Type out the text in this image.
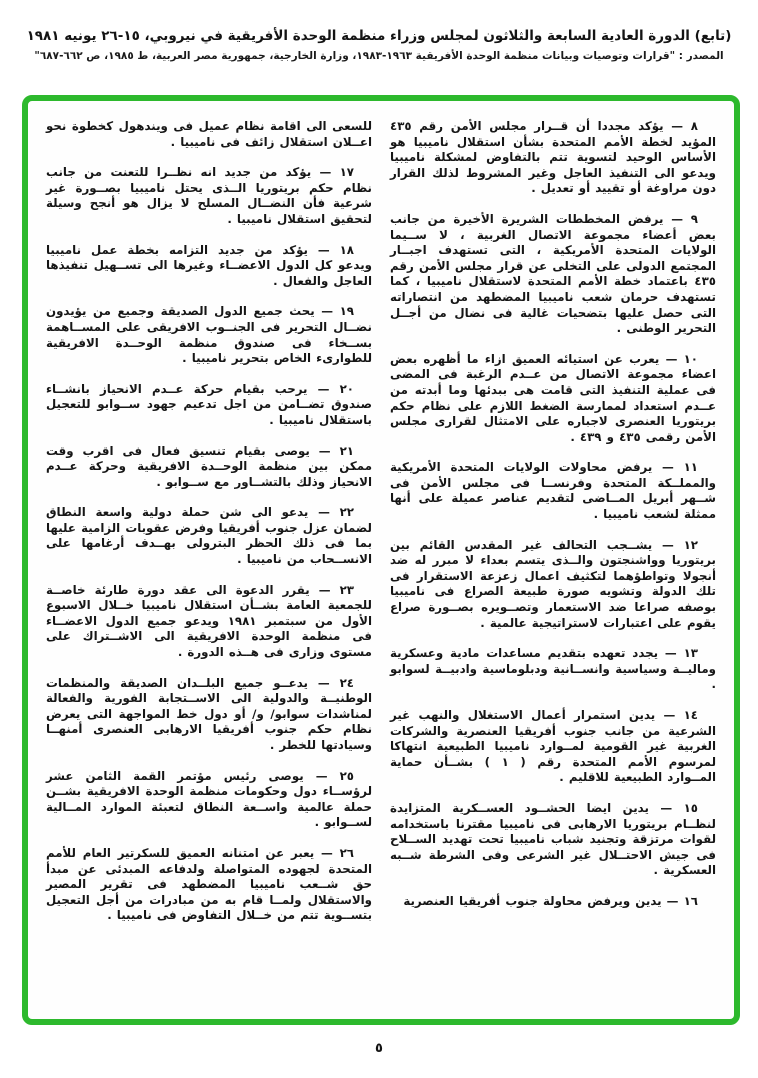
(تابع) الدورة العادية السابعة والثلاثون لمجلس وزراء منظمة الوحدة الأفريقية في نيروبي، ١٥-٢٦ يونيه ١٩٨١
المصدر : "قرارات وتوصيات وبيانات منظمة الوحدة الأفريقية ١٩٦٣-١٩٨٣، وزارة الخارجية، جمهورية مصر العربية، ط ١٩٨٥، ص ٦٦٢-٦٨٧"

٨ — يؤكد مجددا أن قــرار مجلس الأمن رقم ٤٣٥ المؤيد لخطة الأمم المتحدة بشأن استقلال ناميبيا هو الأساس الوحيد لتسوية تتم بالتفاوض لمشكلة ناميبيا ويدعو الى التنفيذ العاجل وغير المشروط لذلك القرار دون مراوغة أو تقييد أو تعديل .

٩ — يرفض المخططات الشريرة الأخيرة من جانب بعض أعضاء مجموعة الاتصال الغربية ، لا ســيما الولايات المتحدة الأمريكية ، التى تستهدف اجبــار المجتمع الدولى على التخلى عن قرار مجلس الأمن رقم ٤٣٥ باعتماد خطة الأمم المتحدة لاستقلال ناميبيا ، كما تستهدف حرمان شعب ناميبيا المضطهد من انتصاراته التى حصل عليها بتضحيات غالية فى نضال من أجــل التحرير الوطنى .

١٠ — يعرب عن استيائه العميق ازاء ما أظهره بعض اعضاء مجموعة الاتصال من عــدم الرغبة فى المضى فى عملية التنفيذ التى قامت هى ببدئها وما أبدته من عــدم استعداد لممارسة الضغط اللازم على نظام حكم بريتوريا العنصرى لاجباره على الامتثال لقرارى مجلس الأمن رقمى ٤٣٥ و ٤٣٩ .

١١ — يرفض محاولات الولايات المتحدة الأمريكية والمملــكة المتحدة وفرنســا فى مجلس الأمن فى شــهر أبريل المــاضى لتقديم عناصر عميلة على أنها ممثلة لشعب ناميبيا .

١٢ — يشــجب التحالف غير المقدس القائم بين بريتوريا وواشنجتون والــذى يتسم بعداء لا مبرر له ضد أنجولا وتواطؤهما لتكثيف اعمال زعزعة الاستقرار فى تلك الدولة وتشويه صورة طبيعة الصراع فى ناميبيا بوصفه صراعا ضد الاستعمار وتصــويره بصــورة صراع يقوم على اعتبارات لاستراتيجية عالمية .

١٣ — يجدد تعهده بتقديم مساعدات مادية وعسكرية وماليــة وسياسية وانســانية ودبلوماسية وادبيــة لسوابو .

١٤ — يدين استمرار أعمال الاستغلال والنهب غير الشرعية من جانب جنوب أفريقيا العنصرية والشركات الغربية غير القومية لمــوارد ناميبيا الطبيعية انتهاكا لمرسوم الأمم المتحدة رقم ( ١ ) بشــأن حماية المــوارد الطبيعية للاقليم .

١٥ — يدين ايضا الحشــود العســكرية المتزايدة لنظــام بريتوريا الارهابى فى ناميبيا مقترنا باستخدامه لقوات مرتزقة وتجنيد شباب ناميبيا تحت تهديد الســلاح فى جيش الاحتــلال غير الشرعى وفى الشرطة شــبه العسكرية .

١٦ — يدين ويرفض محاولة جنوب أفريقيا العنصرية

للسعى الى اقامة نظام عميل فى ويندهول كخطوة نحو اعــلان استقلال زائف فى ناميبيا .

١٧ — يؤكد من جديد انه نظــرا للتعنت من جانب نظام حكم بريتوريا الــذى يحتل ناميبيا بصــورة غير شرعية فأن النضــال المسلح لا يزال هو أنجح وسيلة لتحقيق استقلال ناميبيا .

١٨ — يؤكد من جديد التزامه بخطة عمل ناميبيا ويدعو كل الدول الاعضــاء وغيرها الى تســهيل تنفيذها العاجل والفعال .

١٩ — يحث جميع الدول الصديقة وجميع من يؤيدون نضــال التحرير فى الجنــوب الافريقى على المســاهمة بســخاء فى صندوق منظمة الوحــدة الافريقية للطوارىء الخاص بتحرير ناميبيا .

٢٠ — يرحب بقيام حركة عــدم الانحياز بانشــاء صندوق تضــامن من اجل تدعيم جهود ســوابو للتعجيل باستقلال ناميبيا .

٢١ — يوصى بقيام تنسيق فعال فى اقرب وقت ممكن بين منظمة الوحــدة الافريقية وحركة عــدم الانحياز وذلك بالتشــاور مع ســوابو .

٢٢ — يدعو الى شن حملة دولية واسعة النطاق لضمان عزل جنوب أفريقيا وفرض عقوبات الزامية عليها بما فى ذلك الحظر البترولى بهــدف أرغامها على الانســحاب من ناميبيا .

٢٣ — يقرر الدعوة الى عقد دورة طارئة خاصــة للجمعية العامة بشــأن استقلال ناميبيا خــلال الاسبوع الأول من سبتمبر ١٩٨١ ويدعو جميع الدول الاعضــاء فى منظمة الوحدة الافريقية الى الاشــتراك على مستوى وزارى فى هــذه الدورة .

٢٤ — يدعــو جميع البلــدان الصديقة والمنظمات الوطنيــة والدولية الى الاســتجابة الفورية والفعالة لمناشدات سوابو/ و/ أو دول خط المواجهة التى يعرض نظام حكم جنوب أفريقيا الارهابى العنصرى أمنهــا وسيادتها للخطر .

٢٥ — يوصى رئيس مؤتمر القمة الثامن عشر لرؤســاء دول وحكومات منظمة الوحدة الافريقية بشــن حملة عالمية واســعة النطاق لتعبئة الموارد المــالية لســوابو .

٢٦ — يعبر عن امتنانه العميق للسكرتير العام للأمم المتحدة لجهوده المتواصلة ولدفاعه المبدئى عن مبدأ حق شــعب ناميبيا المضطهد فى تقرير المصير والاستقلال ولمــا قام به من مبادرات من أجل التعجيل بتســوية تتم من خــلال التفاوض فى ناميبيا .

٥
